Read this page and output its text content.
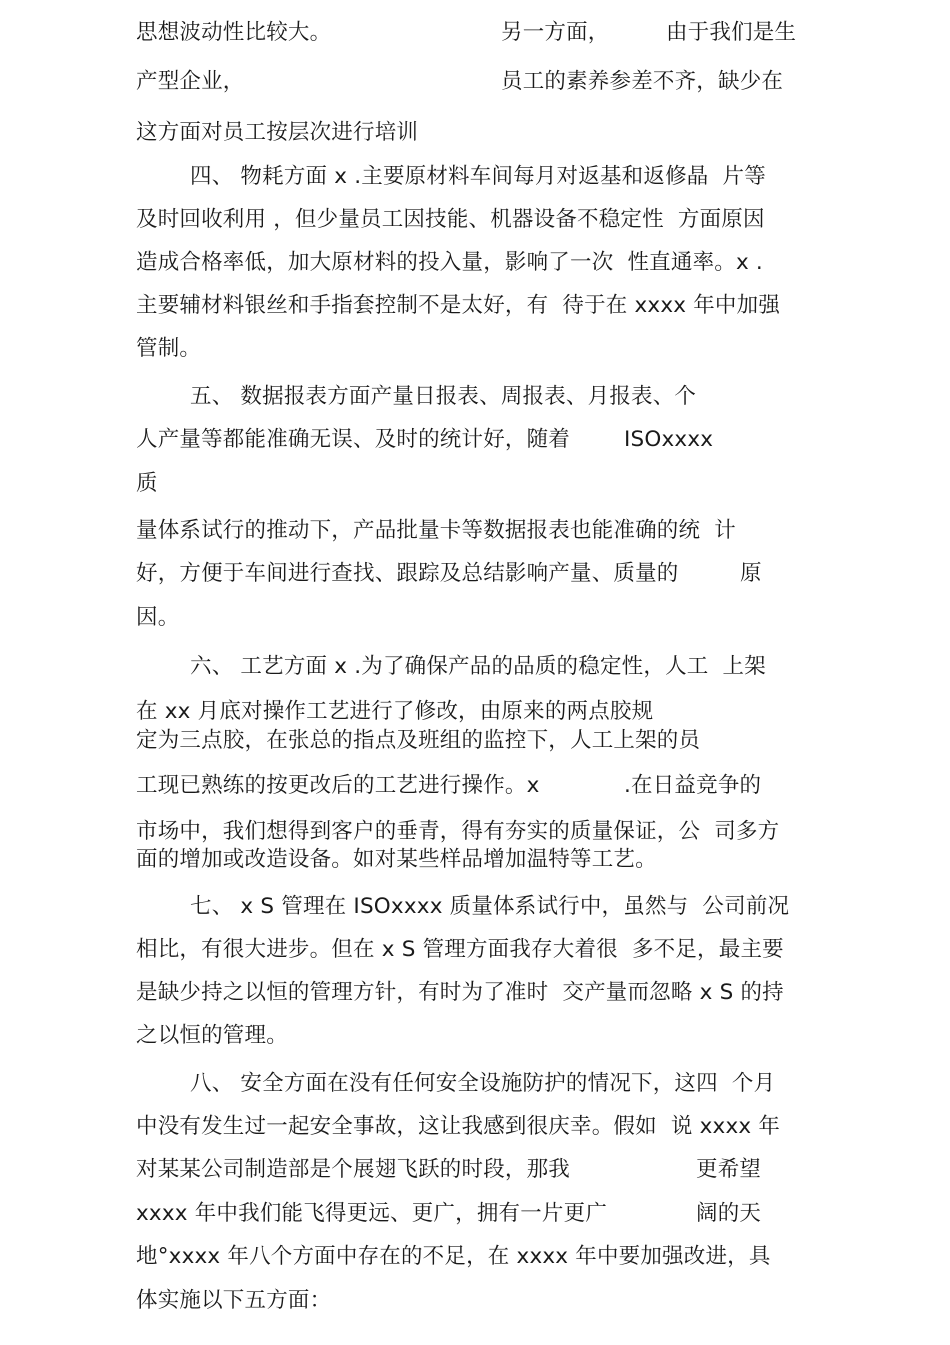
思想波动性比较大。

	另一方面，

	由于我们是生

产型企业，

	员工的素养参差不齐，缺少在

这方面对员工按层次进行培训
四、 物耗方面 x .主要原材料车间每月对返基和返修晶  片等
及时回收利用 ，但少量员工因技能、机器设备不稳定性  方面原因
造成合格率低，加大原材料的投入量，影响了一次  性直通率。x .
主要辅材料银丝和手指套控制不是太好，有  待于在 xxxx 年中加强
管制。
五、 数据报表方面产量日报表、周报表、月报表、个

人产量等都能准确无误、及时的统计好，随着

	ISOxxxx

质
量体系试行的推动下，产品批量卡等数据报表也能准确的统  计

好，方便于车间进行查找、跟踪及总结影响产量、质量的

	原

因。
六、 工艺方面 x .为了确保产品的品质的稳定性，人工  上架
在 xx 月底对操作工艺进行了修改，由原来的两点胶规
定为三点胶，在张总的指点及班组的监控下，人工上架的员

工现已熟练的按更改后的工艺进行操作。x

	.在日益竞争的

市场中，我们想得到客户的垂青，得有夯实的质量保证，公  司多方
面的增加或改造设备。如对某些样品增加温特等工艺。
七、 x S 管理在 ISOxxxx 质量体系试行中，虽然与  公司前况
相比，有很大进步。但在 x S 管理方面我存大着很  多不足，最主要
是缺少持之以恒的管理方针，有时为了准时  交产量而忽略 x S 的持
之以恒的管理。
八、 安全方面在没有任何安全设施防护的情况下，这四  个月
中没有发生过一起安全事故，这让我感到很庆幸。假如  说 xxxx 年

对某某公司制造部是个展翅飞跃的时段，那我

	更希望

xxxx 年中我们能飞得更远、更广，拥有一片更广

	阔的天

地°xxxx 年八个方面中存在的不足，在 xxxx 年中要加强改进，具
体实施以下五方面：
